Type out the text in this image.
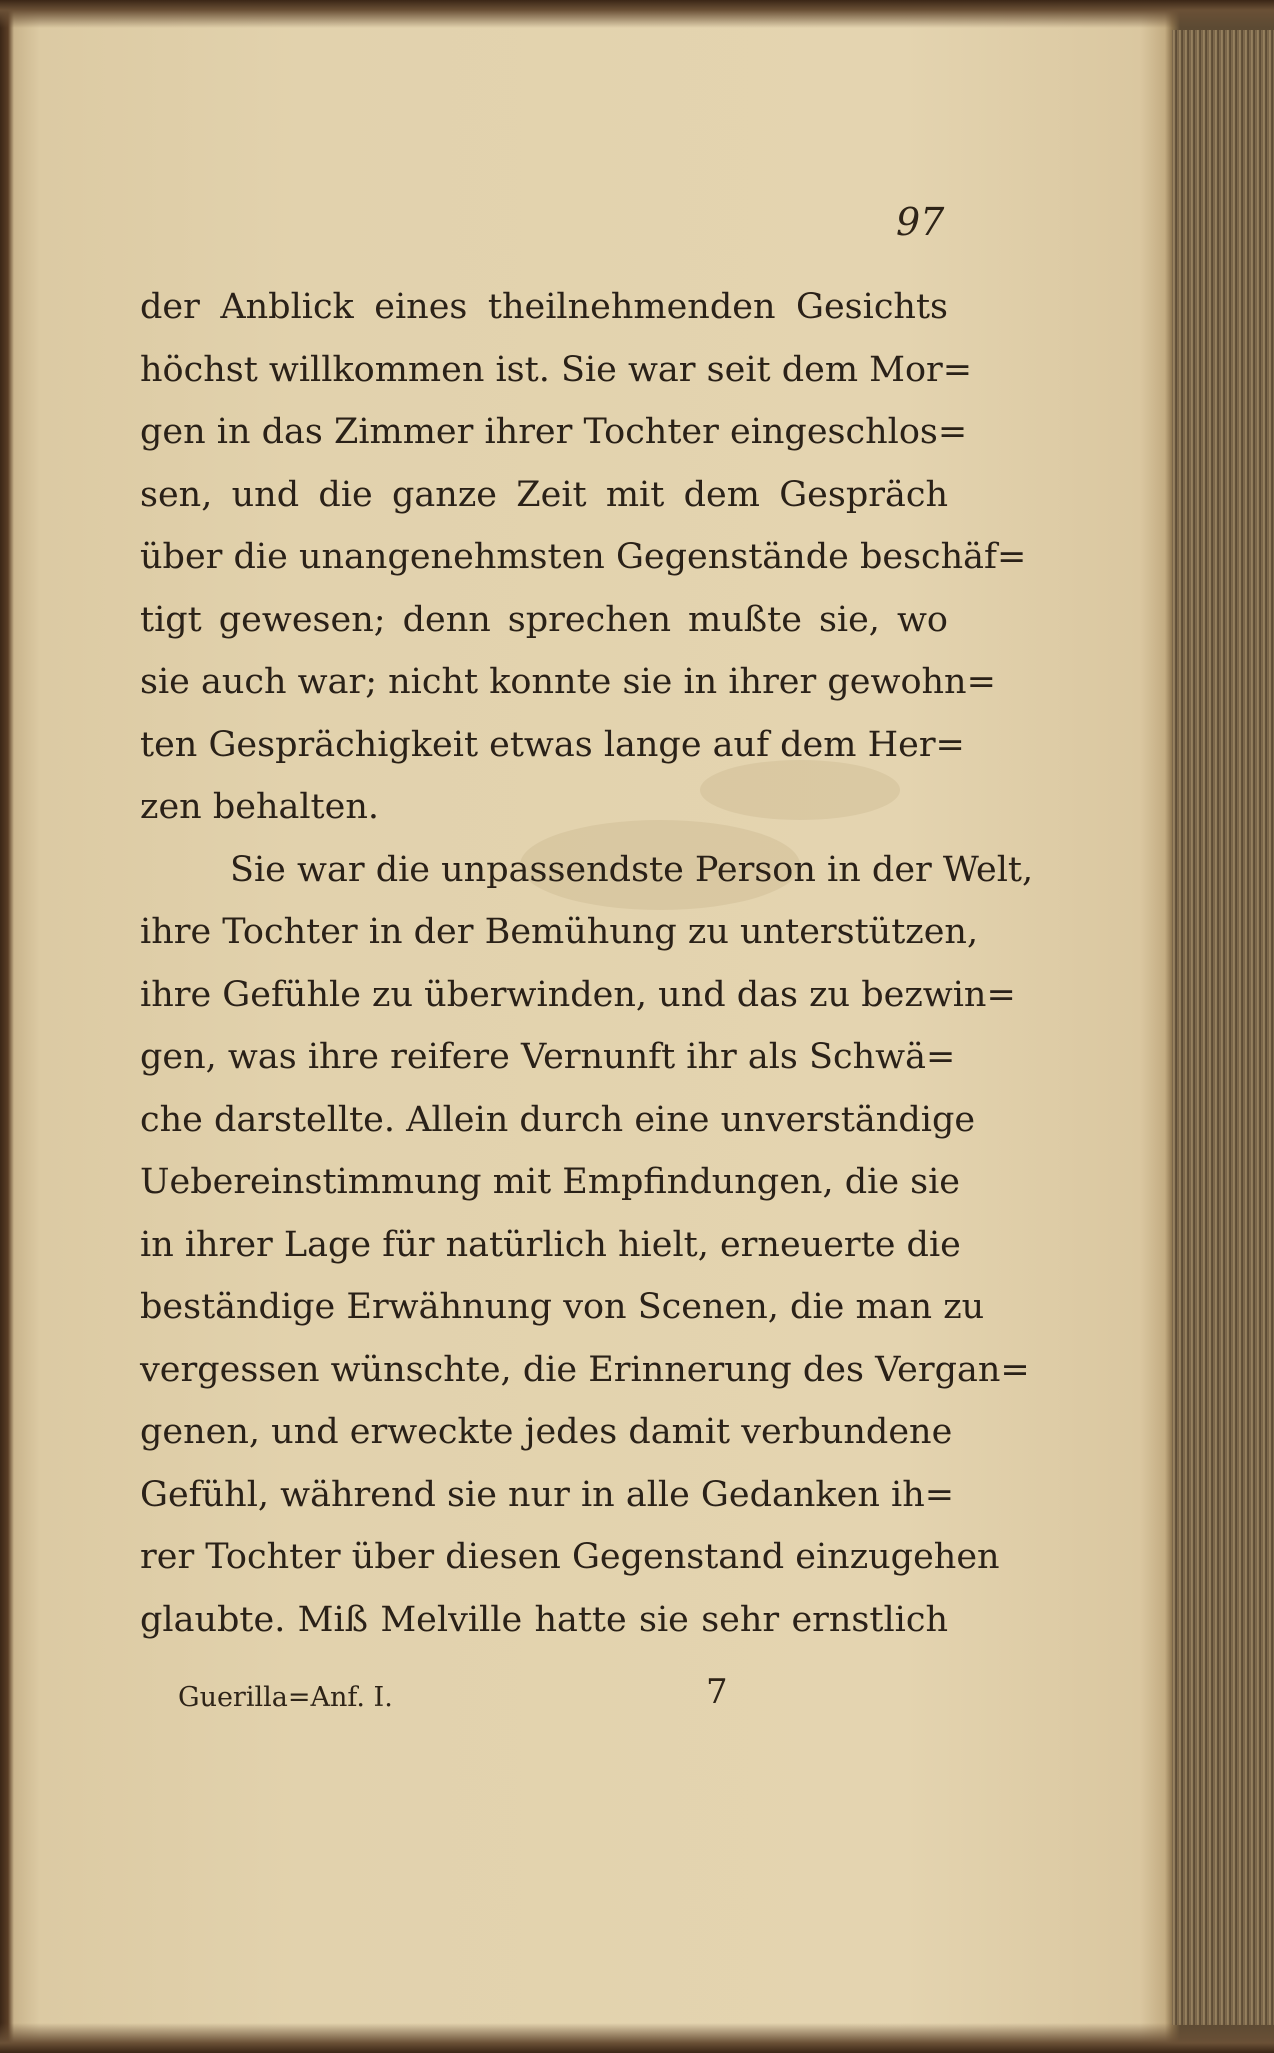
97
der Anblick eines theilnehmenden Gesichts
höchst willkommen ist. Sie war seit dem Mor=
gen in das Zimmer ihrer Tochter eingeschlos=
sen, und die ganze Zeit mit dem Gespräch
über die unangenehmsten Gegenstände beschäf=
tigt gewesen; denn sprechen mußte sie, wo
sie auch war; nicht konnte sie in ihrer gewohn=
ten Gesprächigkeit etwas lange auf dem Her=
zen behalten.
Sie war die unpassendste Person in der Welt,
ihre Tochter in der Bemühung zu unterstützen,
ihre Gefühle zu überwinden, und das zu bezwin=
gen, was ihre reifere Vernunft ihr als Schwä=
che darstellte. Allein durch eine unverständige
Uebereinstimmung mit Empfindungen, die sie
in ihrer Lage für natürlich hielt, erneuerte die
beständige Erwähnung von Scenen, die man zu
vergessen wünschte, die Erinnerung des Vergan=
genen, und erweckte jedes damit verbundene
Gefühl, während sie nur in alle Gedanken ih=
rer Tochter über diesen Gegenstand einzugehen
glaubte. Miß Melville hatte sie sehr ernstlich
Guerilla=Anf. I.	7
